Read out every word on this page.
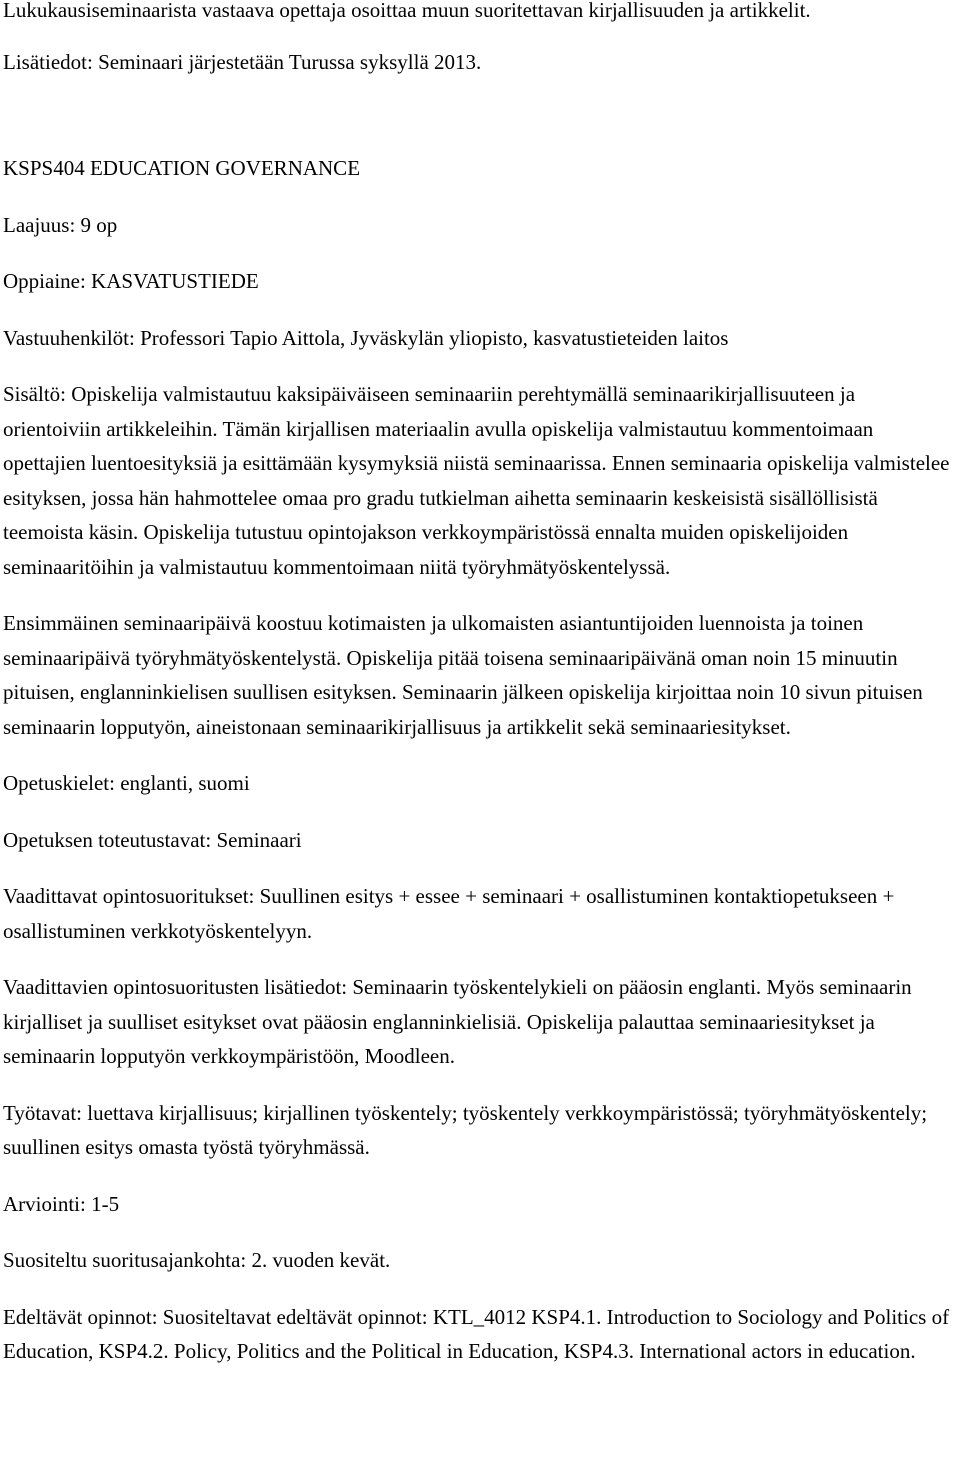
Lukukausiseminaarista vastaava opettaja osoittaa muun suoritettavan kirjallisuuden ja artikkelit.

Lisätiedot: Seminaari järjestetään Turussa syksyllä 2013.

KSPS404 EDUCATION GOVERNANCE

Laajuus: 9 op

Oppiaine: KASVATUSTIEDE

Vastuuhenkilöt: Professori Tapio Aittola, Jyväskylän yliopisto, kasvatustieteiden laitos

Sisältö: Opiskelija valmistautuu kaksipäiväiseen seminaariin perehtymällä seminaarikirjallisuuteen ja orientoiviin artikkeleihin. Tämän kirjallisen materiaalin avulla opiskelija valmistautuu kommentoimaan opettajien luentoesityksiä ja esittämään kysymyksiä niistä seminaarissa. Ennen seminaaria opiskelija valmistelee esityksen, jossa hän hahmottelee omaa pro gradu tutkielman aihetta seminaarin keskeisistä sisällöllisistä teemoista käsin. Opiskelija tutustuu opintojakson verkkoympäristössä ennalta muiden opiskelijoiden seminaaritöihin ja valmistautuu kommentoimaan niitä työryhmätyöskentelyssä.

Ensimmäinen seminaaripäivä koostuu kotimaisten ja ulkomaisten asiantuntijoiden luennoista ja toinen seminaaripäivä työryhmätyöskentelystä. Opiskelija pitää toisena seminaaripäivänä oman noin 15 minuutin pituisen, englanninkielisen suullisen esityksen. Seminaarin jälkeen opiskelija kirjoittaa noin 10 sivun pituisen seminaarin lopputyön, aineistonaan seminaarikirjallisuus ja artikkelit sekä seminaariesitykset.

Opetuskielet: englanti, suomi

Opetuksen toteutustavat: Seminaari

Vaadittavat opintosuoritukset: Suullinen esitys + essee + seminaari + osallistuminen kontaktiopetukseen + osallistuminen verkkotyöskentelyyn.

Vaadittavien opintosuoritusten lisätiedot: Seminaarin työskentelykieli on pääosin englanti. Myös seminaarin kirjalliset ja suulliset esitykset ovat pääosin englanninkielisiä. Opiskelija palauttaa seminaariesitykset ja seminaarin lopputyön verkkoympäristöön, Moodleen.

Työtavat: luettava kirjallisuus; kirjallinen työskentely; työskentely verkkoympäristössä; työryhmätyöskentely; suullinen esitys omasta työstä työryhmässä.

Arviointi: 1-5

Suositeltu suoritusajankohta: 2. vuoden kevät.

Edeltävät opinnot: Suositeltavat edeltävät opinnot: KTL_4012 KSP4.1. Introduction to Sociology and Politics of Education, KSP4.2. Policy, Politics and the Political in Education, KSP4.3. International actors in education.
